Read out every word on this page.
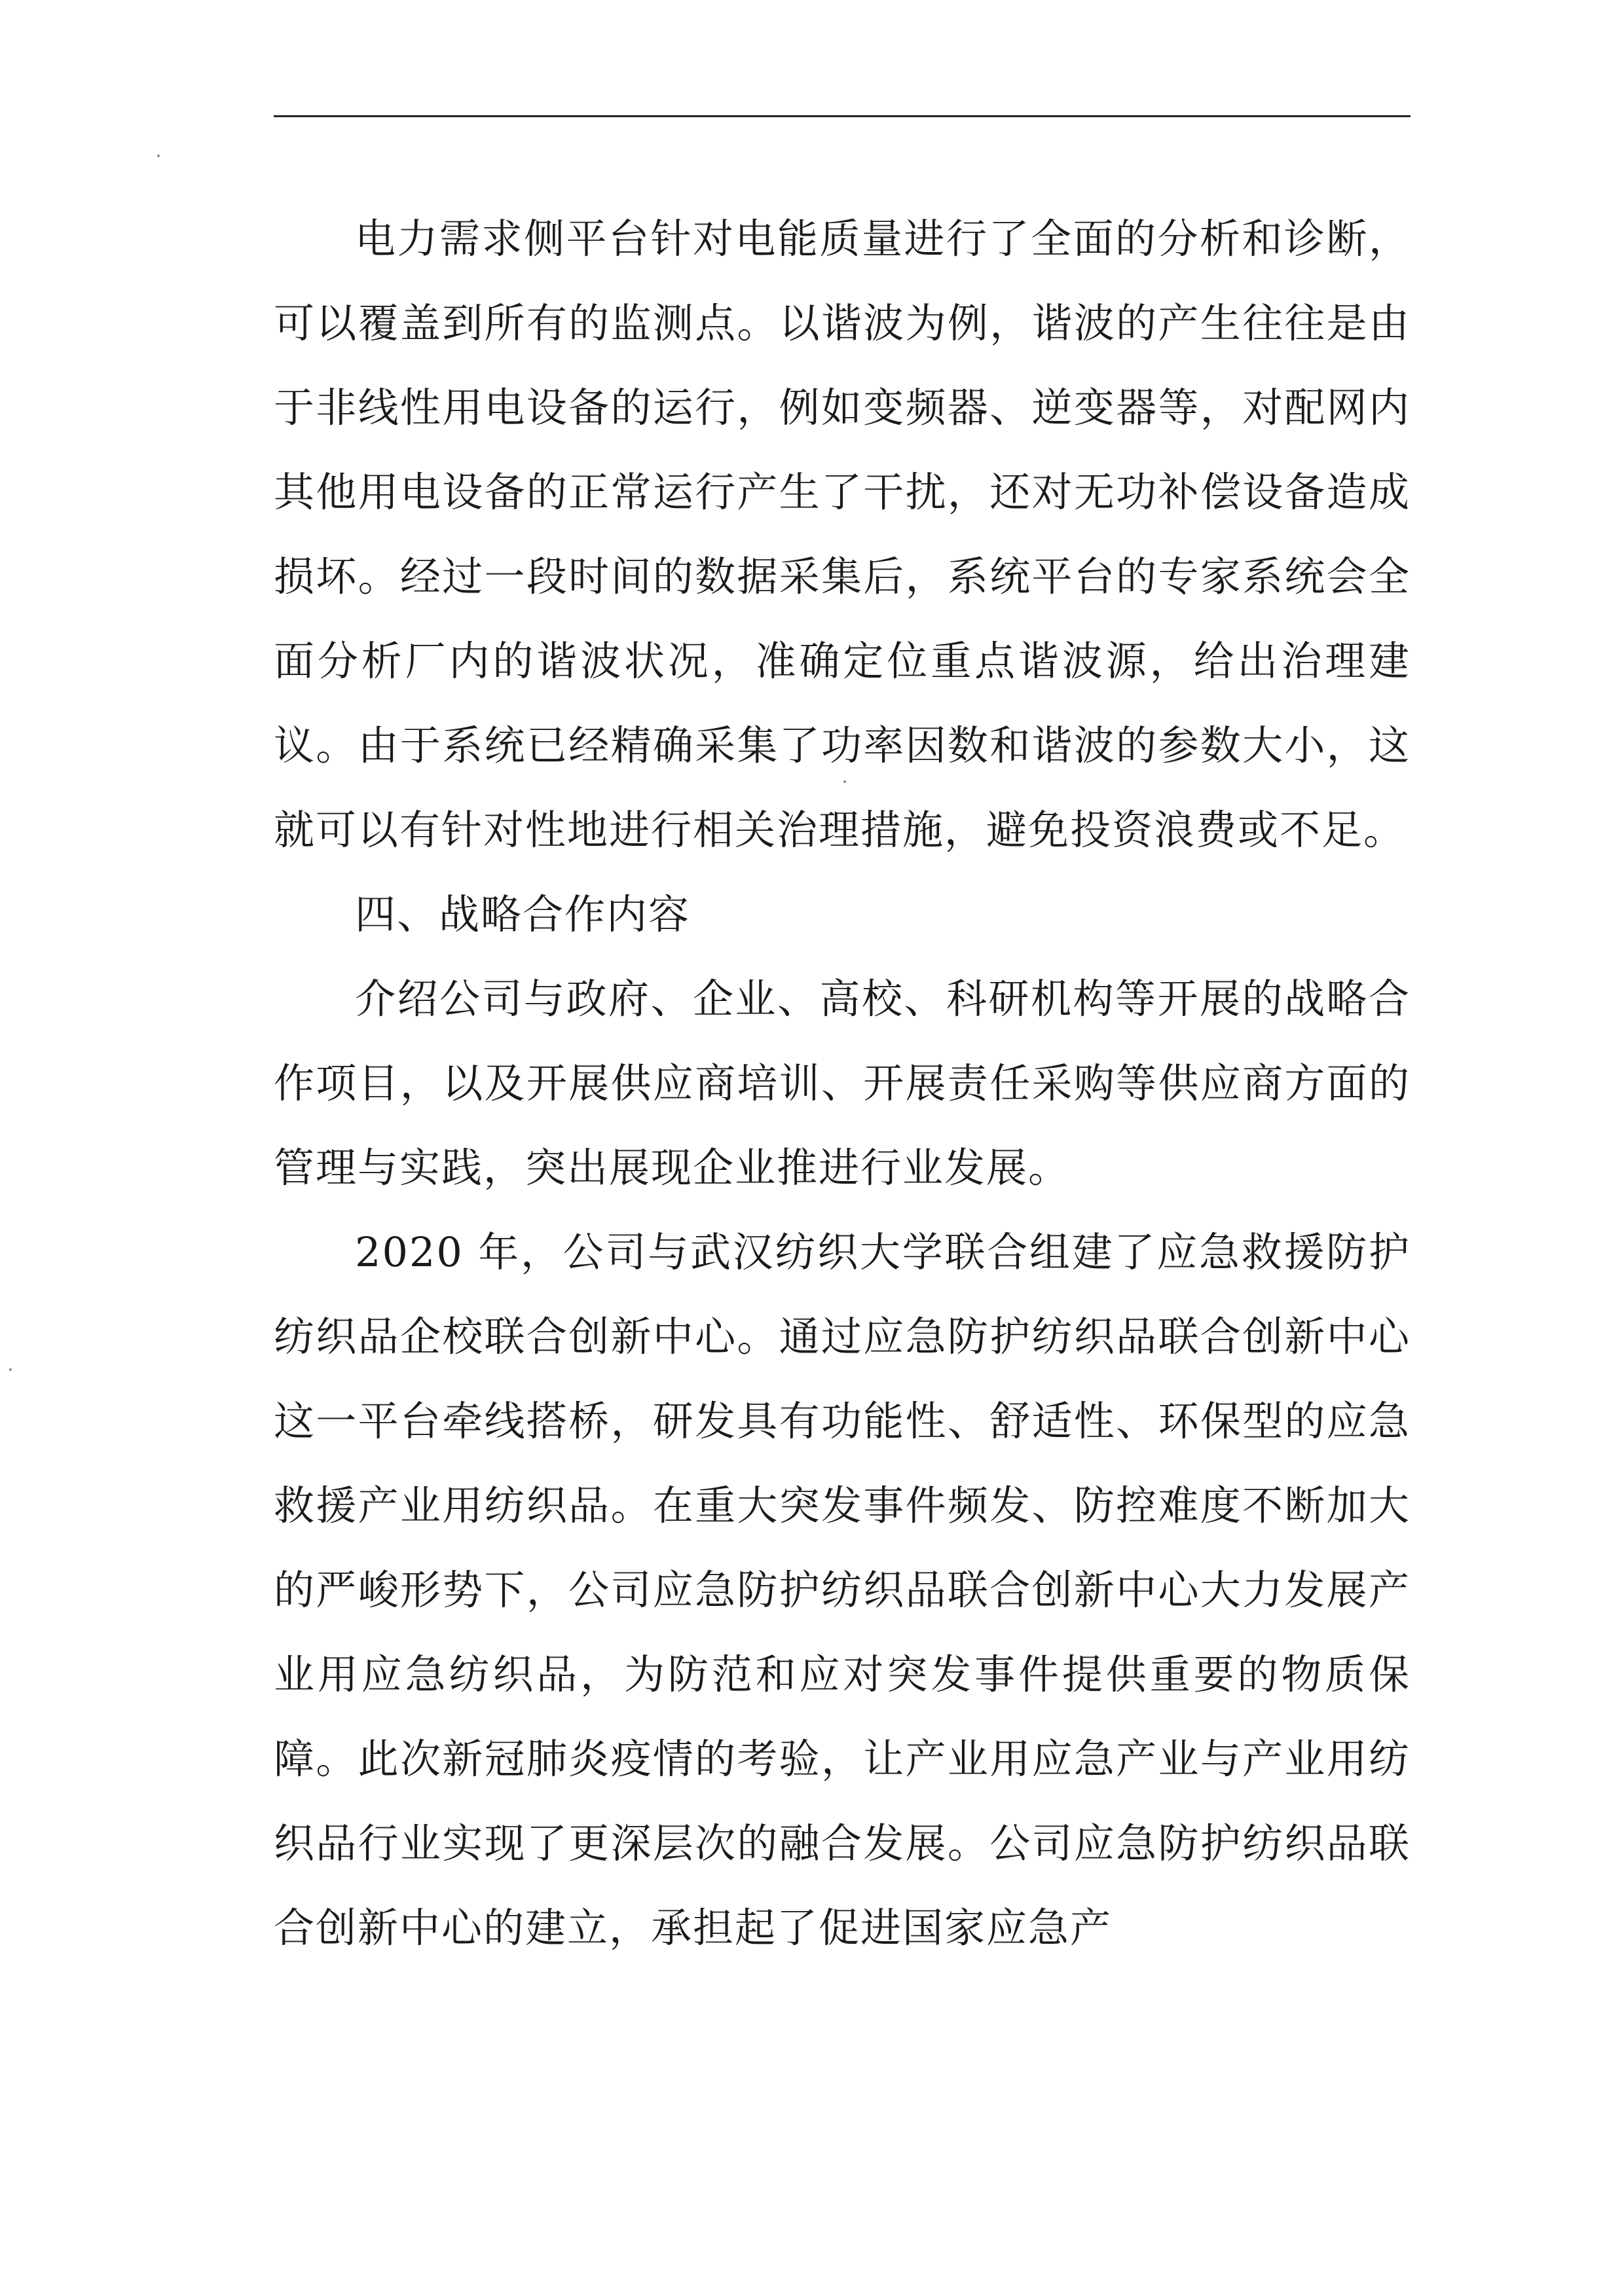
电力需求侧平台针对电能质量进行了全面的分析和诊断，可以覆盖到所有的监测点。以谐波为例，谐波的产生往往是由于非线性用电设备的运行，例如变频器、逆变器等，对配网内其他用电设备的正常运行产生了干扰，还对无功补偿设备造成损坏。经过一段时间的数据采集后，系统平台的专家系统会全面分析厂内的谐波状况，准确定位重点谐波源，给出治理建议。由于系统已经精确采集了功率因数和谐波的参数大小，这就可以有针对性地进行相关治理措施，避免投资浪费或不足。

四、战略合作内容

介绍公司与政府、企业、高校、科研机构等开展的战略合作项目，以及开展供应商培训、开展责任采购等供应商方面的管理与实践，突出展现企业推进行业发展。

2020 年，公司与武汉纺织大学联合组建了应急救援防护纺织品企校联合创新中心。通过应急防护纺织品联合创新中心这一平台牵线搭桥，研发具有功能性、舒适性、环保型的应急救援产业用纺织品。在重大突发事件频发、防控难度不断加大的严峻形势下，公司应急防护纺织品联合创新中心大力发展产业用应急纺织品，为防范和应对突发事件提供重要的物质保障。此次新冠肺炎疫情的考验，让产业用应急产业与产业用纺织品行业实现了更深层次的融合发展。公司应急防护纺织品联合创新中心的建立，承担起了促进国家应急产
